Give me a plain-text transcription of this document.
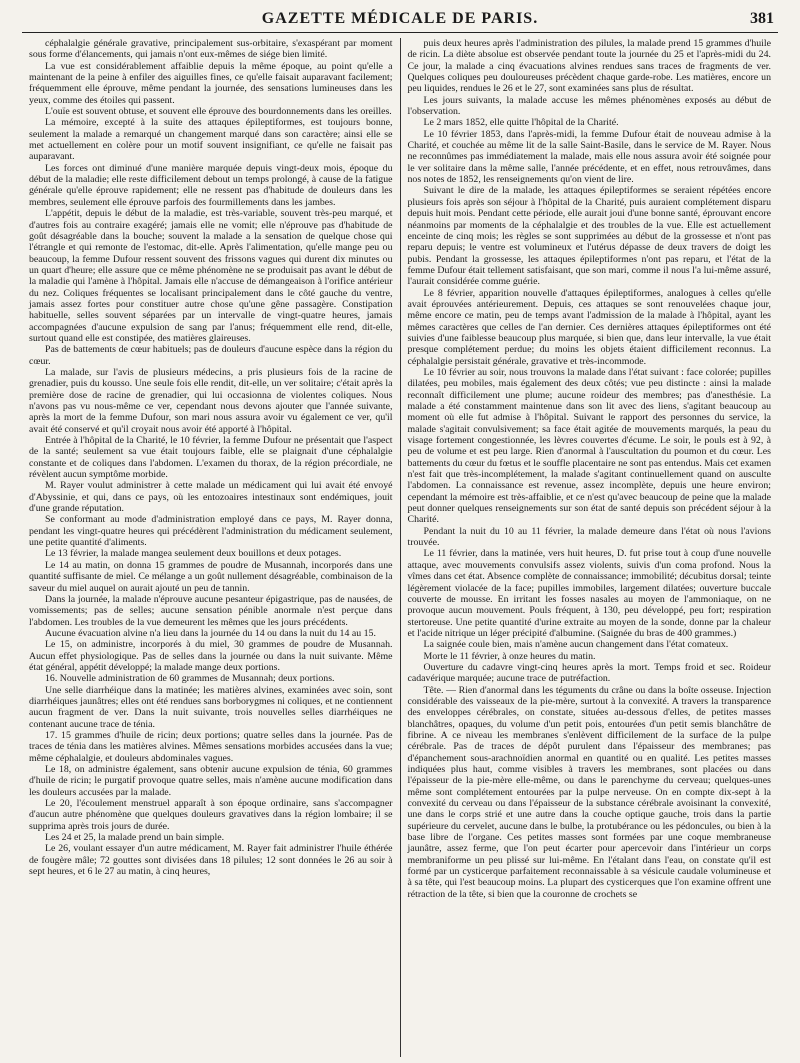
GAZETTE MÉDICALE DE PARIS.	381

céphalalgie générale gravative, principalement sus-orbitaire, s'exaspérant par moment sous forme d'élancements, qui jamais n'ont eux-mêmes de siége bien limité.

La vue est considérablement affaiblie depuis la même époque, au point qu'elle a maintenant de la peine à enfiler des aiguilles fines, ce qu'elle faisait auparavant facilement; fréquemment elle éprouve, même pendant la journée, des sensations lumineuses dans les yeux, comme des étoiles qui passent.

L'ouïe est souvent obtuse, et souvent elle éprouve des bourdonnements dans les oreilles.

La mémoire, excepté à la suite des attaques épileptiformes, est toujours bonne, seulement la malade a remarqué un changement marqué dans son caractère; ainsi elle se met actuellement en colère pour un motif souvent insignifiant, ce qu'elle ne faisait pas auparavant.

Les forces ont diminué d'une manière marquée depuis vingt-deux mois, époque du début de la maladie; elle reste difficilement debout un temps prolongé, à cause de la fatigue générale qu'elle éprouve rapidement; elle ne ressent pas d'habitude de douleurs dans les membres, seulement elle éprouve parfois des fourmillements dans les jambes.

L'appétit, depuis le début de la maladie, est très-variable, souvent très-peu marqué, et d'autres fois au contraire exagéré; jamais elle ne vomit; elle n'éprouve pas d'habitude de goût désagréable dans la bouche; souvent la malade a la sensation de quelque chose qui l'étrangle et qui remonte de l'estomac, dit-elle. Après l'alimentation, qu'elle mange peu ou beaucoup, la femme Dufour ressent souvent des frissons vagues qui durent dix minutes ou un quart d'heure; elle assure que ce même phénomène ne se produisait pas avant le début de la maladie qui l'amène à l'hôpital. Jamais elle n'accuse de démangeaison à l'orifice antérieur du nez. Coliques fréquentes se localisant principalement dans le côté gauche du ventre, jamais assez fortes pour constituer autre chose qu'une gêne passagère. Constipation habituelle, selles souvent séparées par un intervalle de vingt-quatre heures, jamais accompagnées d'aucune expulsion de sang par l'anus; fréquemment elle rend, dit-elle, surtout quand elle est constipée, des matières glaireuses.

Pas de battements de cœur habituels; pas de douleurs d'aucune espèce dans la région du cœur.

La malade, sur l'avis de plusieurs médecins, a pris plusieurs fois de la racine de grenadier, puis du kousso. Une seule fois elle rendit, dit-elle, un ver solitaire; c'était après la première dose de racine de grenadier, qui lui occasionna de violentes coliques. Nous n'avons pas vu nous-même ce ver, cependant nous devons ajouter que l'année suivante, après la mort de la femme Dufour, son mari nous assura avoir vu également ce ver, qu'il avait été conservé et qu'il croyait nous avoir été apporté à l'hôpital.

Entrée à l'hôpital de la Charité, le 10 février, la femme Dufour ne présentait que l'aspect de la santé; seulement sa vue était toujours faible, elle se plaignait d'une céphalalgie constante et de coliques dans l'abdomen. L'examen du thorax, de la région précordiale, ne révèlent aucun symptôme morbide.

M. Rayer voulut administrer à cette malade un médicament qui lui avait été envoyé d'Abyssinie, et qui, dans ce pays, où les entozoaires intestinaux sont endémiques, jouit d'une grande réputation.

Se conformant au mode d'administration employé dans ce pays, M. Rayer donna, pendant les vingt-quatre heures qui précédèrent l'administration du médicament seulement, une petite quantité d'aliments.

Le 13 février, la malade mangea seulement deux bouillons et deux potages.

Le 14 au matin, on donna 15 grammes de poudre de Musannah, incorporés dans une quantité suffisante de miel. Ce mélange a un goût nullement désagréable, combinaison de la saveur du miel auquel on aurait ajouté un peu de tannin.

Dans la journée, la malade n'éprouve aucune pesanteur épigastrique, pas de nausées, de vomissements; pas de selles; aucune sensation pénible anormale n'est perçue dans l'abdomen. Les troubles de la vue demeurent les mêmes que les jours précédents.

Aucune évacuation alvine n'a lieu dans la journée du 14 ou dans la nuit du 14 au 15.

Le 15, on administre, incorporés à du miel, 30 grammes de poudre de Musannah. Aucun effet physiologique. Pas de selles dans la journée ou dans la nuit suivante. Même état général, appétit développé; la malade mange deux portions.

16. Nouvelle administration de 60 grammes de Musannah; deux portions.

Une selle diarrhéique dans la matinée; les matières alvines, examinées avec soin, sont diarrhéiques jaunâtres; elles ont été rendues sans borborygmes ni coliques, et ne contiennent aucun fragment de ver. Dans la nuit suivante, trois nouvelles selles diarrhéiques ne contenant aucune trace de ténia.

17. 15 grammes d'huile de ricin; deux portions; quatre selles dans la journée. Pas de traces de ténia dans les matières alvines. Mêmes sensations morbides accusées dans la vue; même céphalalgie, et douleurs abdominales vagues.

Le 18, on administre également, sans obtenir aucune expulsion de ténia, 60 grammes d'huile de ricin; le purgatif provoque quatre selles, mais n'amène aucune modification dans les douleurs accusées par la malade.

Le 20, l'écoulement menstruel apparaît à son époque ordinaire, sans s'accompagner d'aucun autre phénomène que quelques douleurs gravatives dans la région lombaire; il se supprima après trois jours de durée.

Les 24 et 25, la malade prend un bain simple.

Le 26, voulant essayer d'un autre médicament, M. Rayer fait administrer l'huile éthérée de fougère mâle; 72 gouttes sont divisées dans 18 pilules; 12 sont données le 26 au soir à sept heures, et 6 le 27 au matin, à cinq heures,

puis deux heures après l'administration des pilules, la malade prend 15 grammes d'huile de ricin. La diète absolue est observée pendant toute la journée du 25 et l'après-midi du 24. Ce jour, la malade a cinq évacuations alvines rendues sans traces de fragments de ver. Quelques coliques peu douloureuses précèdent chaque garde-robe. Les matières, encore un peu liquides, rendues le 26 et le 27, sont examinées sans plus de résultat.

Les jours suivants, la malade accuse les mêmes phénomènes exposés au début de l'observation.

Le 2 mars 1852, elle quitte l'hôpital de la Charité.

Le 10 février 1853, dans l'après-midi, la femme Dufour était de nouveau admise à la Charité, et couchée au même lit de la salle Saint-Basile, dans le service de M. Rayer. Nous ne reconnûmes pas immédiatement la malade, mais elle nous assura avoir été soignée pour le ver solitaire dans la même salle, l'année précédente, et en effet, nous retrouvâmes, dans nos notes de 1852, les renseignements qu'on vient de lire.

Suivant le dire de la malade, les attaques épileptiformes se seraient répétées encore plusieurs fois après son séjour à l'hôpital de la Charité, puis auraient complétement disparu depuis huit mois. Pendant cette période, elle aurait joui d'une bonne santé, éprouvant encore néanmoins par moments de la céphalalgie et des troubles de la vue. Elle est actuellement enceinte de cinq mois; les règles se sont supprimées au début de la grossesse et n'ont pas reparu depuis; le ventre est volumineux et l'utérus dépasse de deux travers de doigt les pubis. Pendant la grossesse, les attaques épileptiformes n'ont pas reparu, et l'état de la femme Dufour était tellement satisfaisant, que son mari, comme il nous l'a lui-même assuré, l'aurait considérée comme guérie.

Le 8 février, apparition nouvelle d'attaques épileptiformes, analogues à celles qu'elle avait éprouvées antérieurement. Depuis, ces attaques se sont renouvelées chaque jour, même encore ce matin, peu de temps avant l'admission de la malade à l'hôpital, ayant les mêmes caractères que celles de l'an dernier. Ces dernières attaques épileptiformes ont été suivies d'une faiblesse beaucoup plus marquée, si bien que, dans leur intervalle, la vue était presque complétement perdue; du moins les objets étaient difficilement reconnus. La céphalalgie persistait générale, gravative et très-incommode.

Le 10 février au soir, nous trouvons la malade dans l'état suivant : face colorée; pupilles dilatées, peu mobiles, mais également des deux côtés; vue peu distincte : ainsi la malade reconnaît difficilement une plume; aucune roideur des membres; pas d'anesthésie. La malade a été constamment maintenue dans son lit avec des liens, s'agitant beaucoup au moment où elle fut admise à l'hôpital. Suivant le rapport des personnes du service, la malade s'agitait convulsivement; sa face était agitée de mouvements marqués, la peau du visage fortement congestionnée, les lèvres couvertes d'écume. Le soir, le pouls est à 92, à peu de volume et est peu large. Rien d'anormal à l'auscultation du poumon et du cœur. Les battements du cœur du fœtus et le souffle placentaire ne sont pas entendus. Mais cet examen n'est fait que très-incomplétement, la malade s'agitant continuellement quand on ausculte l'abdomen. La connaissance est revenue, assez incomplète, depuis une heure environ; cependant la mémoire est très-affaiblie, et ce n'est qu'avec beaucoup de peine que la malade peut donner quelques renseignements sur son état de santé depuis son précédent séjour à la Charité.

Pendant la nuit du 10 au 11 février, la malade demeure dans l'état où nous l'avions trouvée.

Le 11 février, dans la matinée, vers huit heures, D. fut prise tout à coup d'une nouvelle attaque, avec mouvements convulsifs assez violents, suivis d'un coma profond. Nous la vîmes dans cet état. Absence complète de connaissance; immobilité; décubitus dorsal; teinte légèrement violacée de la face; pupilles immobiles, largement dilatées; ouverture buccale couverte de mousse. En irritant les fosses nasales au moyen de l'ammoniaque, on ne provoque aucun mouvement. Pouls fréquent, à 130, peu développé, peu fort; respiration stertoreuse. Une petite quantité d'urine extraite au moyen de la sonde, donne par la chaleur et l'acide nitrique un léger précipité d'albumine. (Saignée du bras de 400 grammes.)

La saignée coule bien, mais n'amène aucun changement dans l'état comateux.

Morte le 11 février, à onze heures du matin.

Ouverture du cadavre vingt-cinq heures après la mort. Temps froid et sec. Roideur cadavérique marquée; aucune trace de putréfaction.

Tête. — Rien d'anormal dans les téguments du crâne ou dans la boîte osseuse. Injection considérable des vaisseaux de la pie-mère, surtout à la convexité. A travers la transparence des enveloppes cérébrales, on constate, situées au-dessous d'elles, de petites masses blanchâtres, opaques, du volume d'un petit pois, entourées d'un petit semis blanchâtre de fibrine. A ce niveau les membranes s'enlèvent difficilement de la surface de la pulpe cérébrale. Pas de traces de dépôt purulent dans l'épaisseur des membranes; pas d'épanchement sous-arachnoïdien anormal en quantité ou en qualité. Les petites masses indiquées plus haut, comme visibles à travers les membranes, sont placées ou dans l'épaisseur de la pie-mère elle-même, ou dans le parenchyme du cerveau; quelques-unes même sont complétement entourées par la pulpe nerveuse. On en compte dix-sept à la convexité du cerveau ou dans l'épaisseur de la substance cérébrale avoisinant la convexité, une dans le corps strié et une autre dans la couche optique gauche, trois dans la partie supérieure du cervelet, aucune dans le bulbe, la protubérance ou les pédoncules, ou bien à la base libre de l'organe. Ces petites masses sont formées par une coque membraneuse jaunâtre, assez ferme, que l'on peut écarter pour apercevoir dans l'intérieur un corps membraniforme un peu plissé sur lui-même. En l'étalant dans l'eau, on constate qu'il est formé par un cysticerque parfaitement reconnaissable à sa vésicule caudale volumineuse et à sa tête, qui l'est beaucoup moins. La plupart des cysticerques que l'on examine offrent une rétraction de la tête, si bien que la couronne de crochets se
